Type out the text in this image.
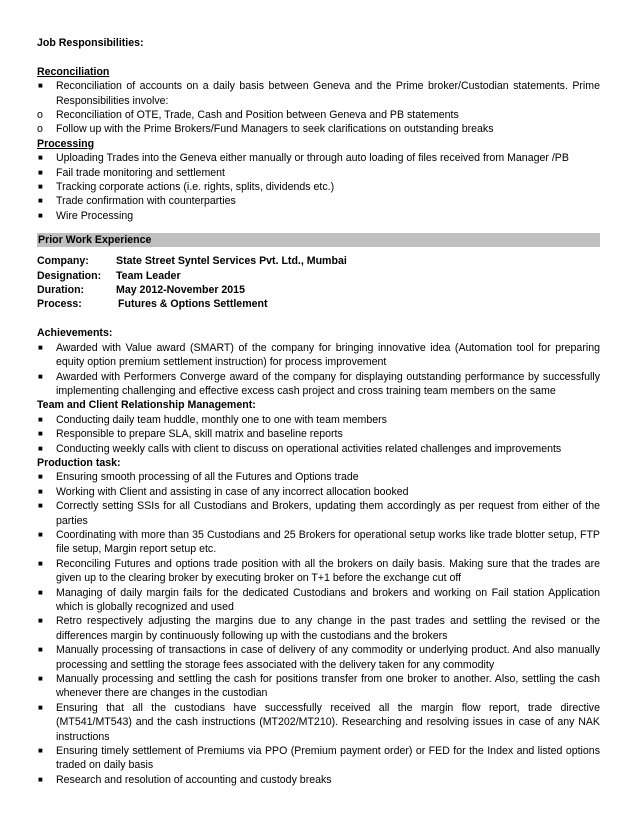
Job Responsibilities:
Reconciliation
■ Reconciliation of accounts on a daily basis between Geneva and the Prime broker/Custodian statements. Prime Responsibilities involve:
o Reconciliation of OTE, Trade, Cash and Position between Geneva and PB statements
o Follow up with the Prime Brokers/Fund Managers to seek clarifications on outstanding breaks
Processing
■ Uploading Trades into the Geneva either manually or through auto loading of files received from Manager /PB
■ Fail trade monitoring and settlement
■ Tracking corporate actions (i.e. rights, splits, dividends etc.)
■ Trade confirmation with counterparties
■ Wire Processing
Prior Work Experience
Company:	State Street Syntel Services Pvt. Ltd., Mumbai
Designation:	Team Leader
Duration:	May 2012-November 2015
Process:	Futures & Options Settlement
Achievements:
■ Awarded with Value award (SMART) of the company for bringing innovative idea (Automation tool for preparing equity option premium settlement instruction) for process improvement
■ Awarded with Performers Converge award of the company for displaying outstanding performance by successfully implementing challenging and effective excess cash project and cross training team members on the same
Team and Client Relationship Management:
■ Conducting daily team huddle, monthly one to one with team members
■ Responsible to prepare SLA, skill matrix and baseline reports
■ Conducting weekly calls with client to discuss on operational activities related challenges and improvements
Production task:
■ Ensuring smooth processing of all the Futures and Options trade
■ Working with Client and assisting in case of any incorrect allocation booked
■ Correctly setting SSIs for all Custodians and Brokers, updating them accordingly as per request from either of the parties
■ Coordinating with more than 35 Custodians and 25 Brokers for operational setup works like trade blotter setup, FTP file setup, Margin report setup etc.
■ Reconciling Futures and options trade position with all the brokers on daily basis. Making sure that the trades are given up to the clearing broker by executing broker on T+1 before the exchange cut off
■ Managing of daily margin fails for the dedicated Custodians and brokers and working on Fail station Application which is globally recognized and used
■ Retro respectively adjusting the margins due to any change in the past trades and settling the revised or the differences margin by continuously following up with the custodians and the brokers
■ Manually processing of transactions in case of delivery of any commodity or underlying product. And also manually processing and settling the storage fees associated with the delivery taken for any commodity
■ Manually processing and settling the cash for positions transfer from one broker to another. Also, settling the cash whenever there are changes in the custodian
■ Ensuring that all the custodians have successfully received all the margin flow report, trade directive (MT541/MT543) and the cash instructions (MT202/MT210). Researching and resolving issues in case of any NAK instructions
■ Ensuring timely settlement of Premiums via PPO (Premium payment order) or FED for the Index and listed options traded on daily basis
■ Research and resolution of accounting and custody breaks
